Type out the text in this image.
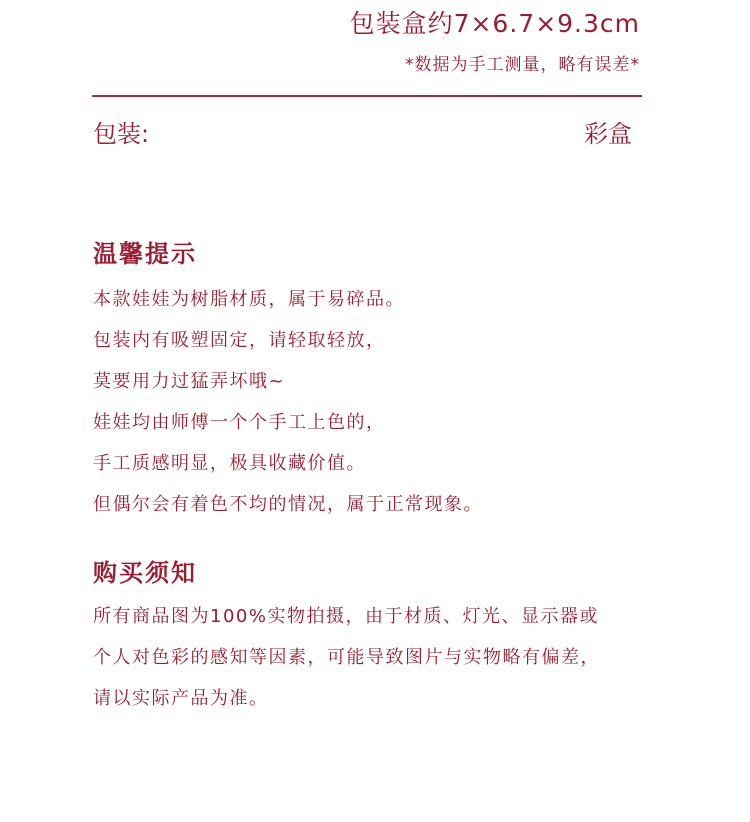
包装盒约7×6.7×9.3cm
*数据为手工测量，略有误差*
包装:	彩盒
温馨提示
本款娃娃为树脂材质，属于易碎品。
包装内有吸塑固定，请轻取轻放，
莫要用力过猛弄坏哦~
娃娃均由师傅一个个手工上色的，
手工质感明显，极具收藏价值。
但偶尔会有着色不均的情况，属于正常现象。
购买须知
所有商品图为100%实物拍摄，由于材质、灯光、显示器或
个人对色彩的感知等因素，可能导致图片与实物略有偏差，
请以实际产品为准。
